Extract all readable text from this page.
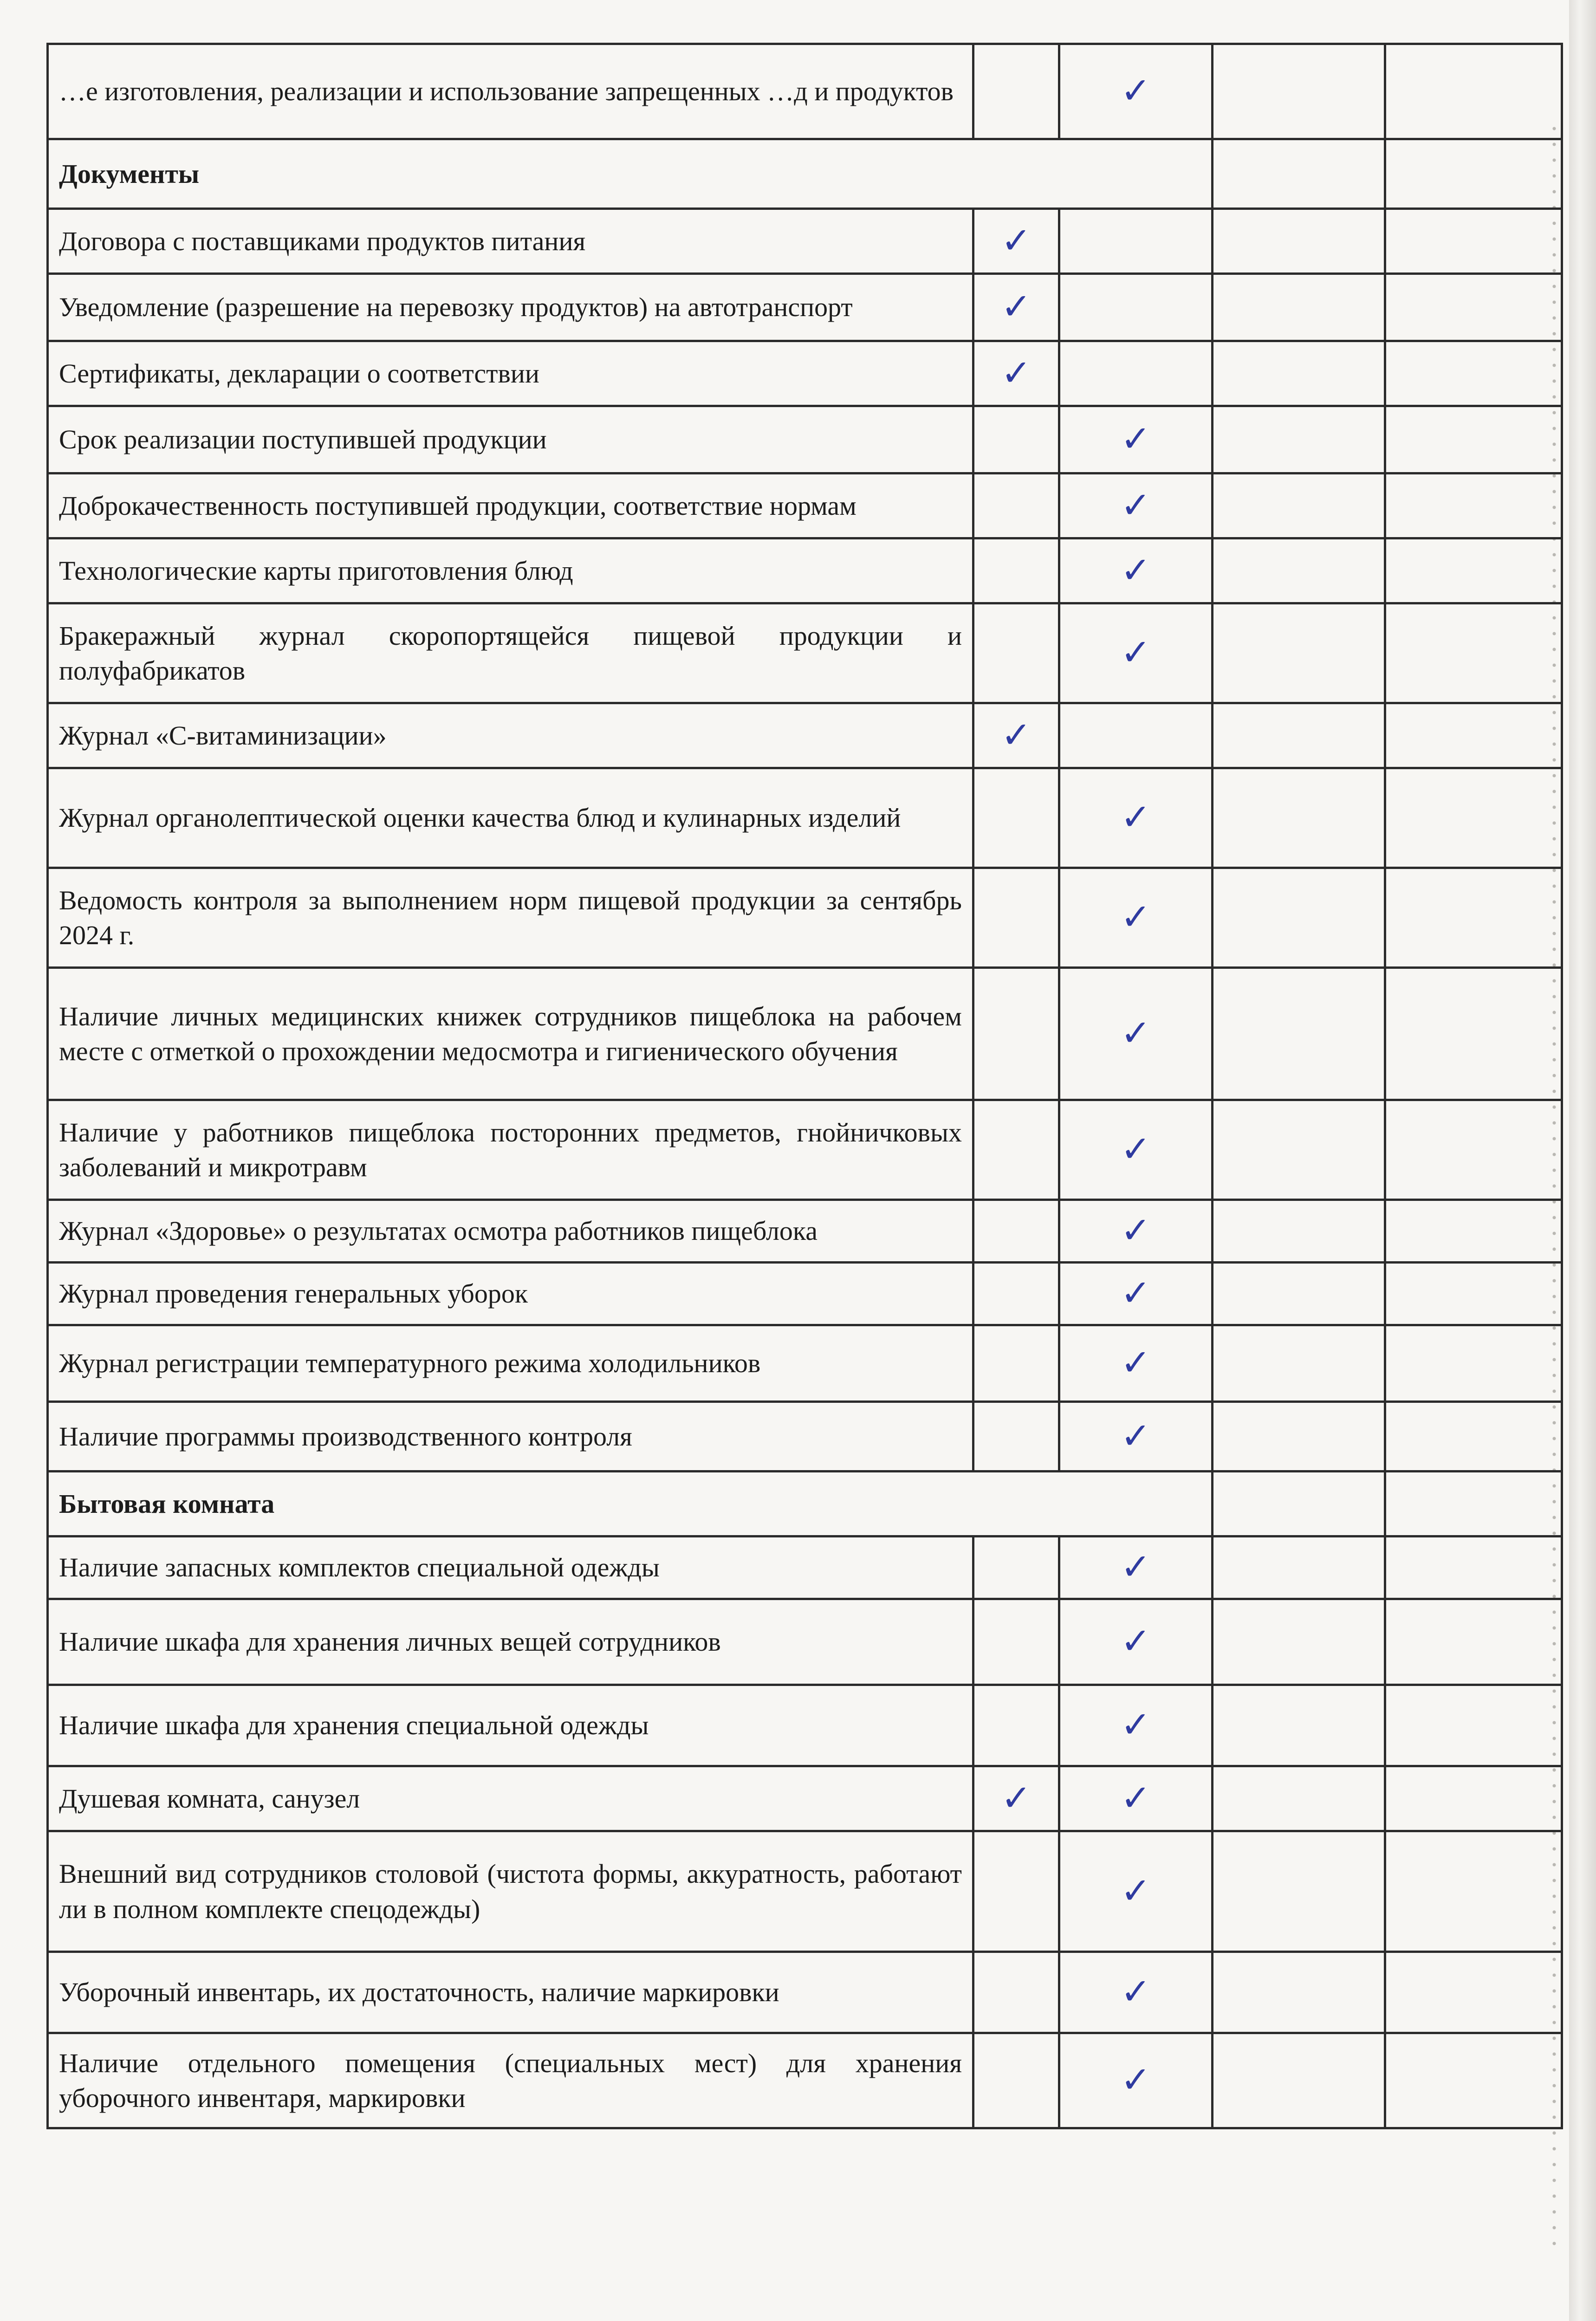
…е изготовления, реализации и использование запрещенных …д и продуктов		✓		
Документы				
Договора с поставщиками продуктов питания	✓			
Уведомление (разрешение на перевозку продуктов) на автотранспорт	✓			
Сертификаты, декларации о соответствии	✓			
Срок реализации поступившей продукции		✓		
Доброкачественность поступившей продукции, соответствие нормам		✓		
Технологические карты приготовления блюд		✓		
Бракеражный журнал скоропортящейся пищевой продукции и полуфабрикатов		✓		
Журнал «С-витаминизации»	✓			
Журнал органолептической оценки качества блюд и кулинарных изделий		✓		
Ведомость контроля за выполнением норм пищевой продукции за сентябрь 2024 г.		✓		
Наличие личных медицинских книжек сотрудников пищеблока на рабочем месте с отметкой о прохождении медосмотра и гигиенического обучения		✓		
Наличие у работников пищеблока посторонних предметов, гнойничковых заболеваний и микротравм		✓		
Журнал «Здоровье» о результатах осмотра работников пищеблока		✓		
Журнал проведения генеральных уборок		✓		
Журнал регистрации температурного режима холодильников		✓		
Наличие программы производственного контроля		✓		
Бытовая комната				
Наличие запасных комплектов специальной одежды		✓		
Наличие шкафа для хранения личных вещей сотрудников		✓		
Наличие шкафа для хранения специальной одежды		✓		
Душевая комната, санузел	✓	✓		
Внешний вид сотрудников столовой (чистота формы, аккуратность, работают ли в полном комплекте спецодежды)		✓		
Уборочный инвентарь, их достаточность, наличие маркировки		✓		
Наличие отдельного помещения (специальных мест) для хранения уборочного инвентаря, маркировки		✓		
